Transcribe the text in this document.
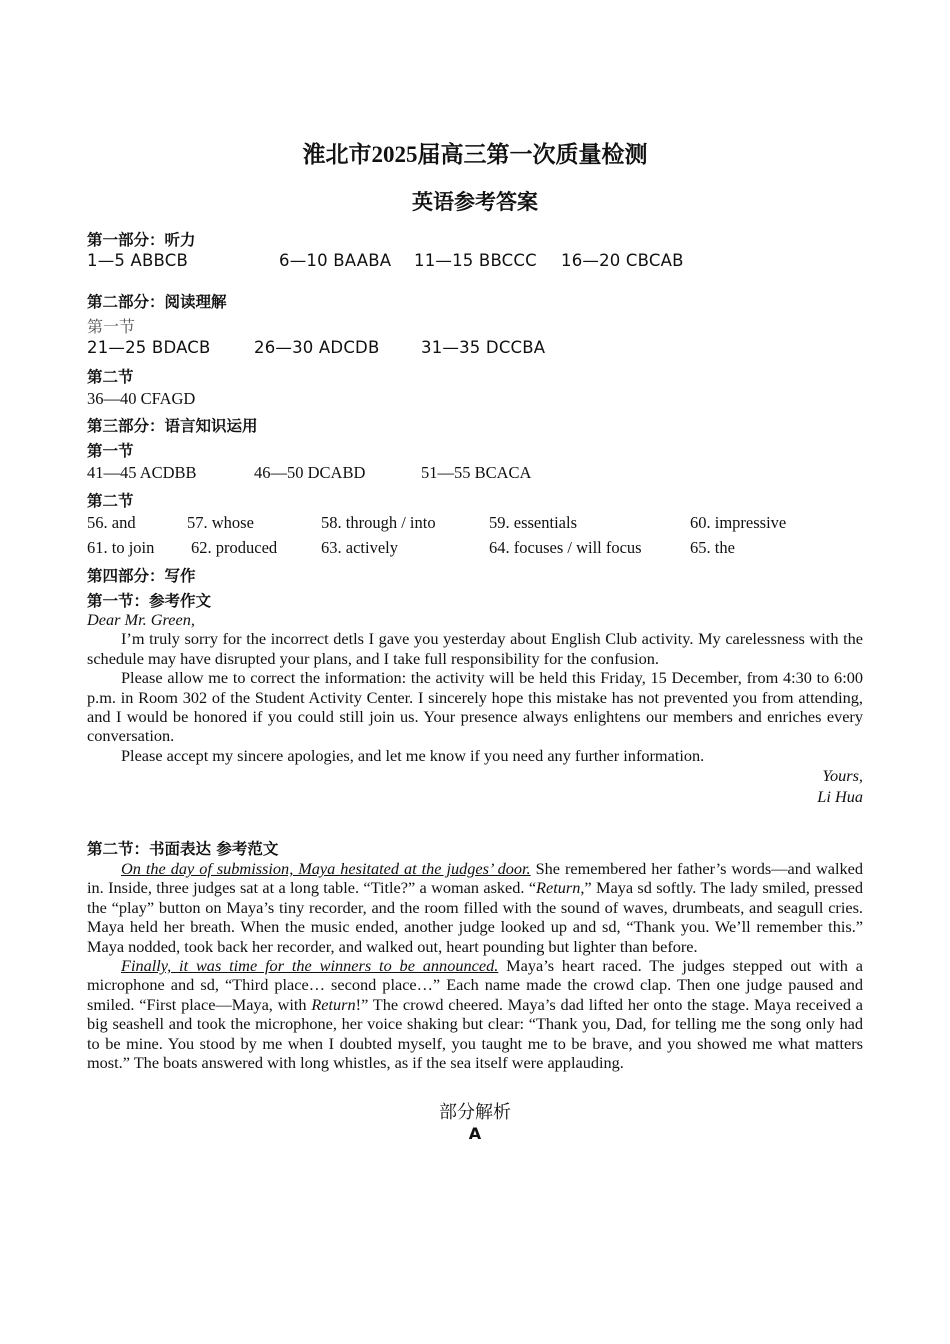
淮北市2025届高三第一次质量检测
英语参考答案
第一部分：听力
1—5 ABBCB	6—10 BAABA 11—15 BBCCC 16—20 CBCAB
第二部分：阅读理解
第一节
21—25 BDACB	26—30 ADCDB	31—35 DCCBA
第二节
36—40 CFAGD
第三部分：语言知识运用
第一节
41—45 ACDBB	46—50 DCABD	51—55 BCACA
第二节
56. and	57. whose	58. through / into	59. essentials	60. impressive
61. to join 62. produced	63. actively	64. focuses / will focus	65. the
第四部分：写作
第一节：参考作文
Dear Mr. Green,
I’m truly sorry for the incorrect detls I gave you yesterday about English Club activity. My carelessness with the schedule may have disrupted your plans, and I take full responsibility for the confusion.
Please allow me to correct the information: the activity will be held this Friday, 15 December, from 4:30 to 6:00 p.m. in Room 302 of the Student Activity Center. I sincerely hope this mistake has not prevented you from attending, and I would be honored if you could still join us. Your presence always enlightens our members and enriches every conversation.
Please accept my sincere apologies, and let me know if you need any further information.
Yours,
Li Hua
第二节：书面表达 参考范文
On the day of submission, Maya hesitated at the judges’ door. She remembered her father’s words—and walked in. Inside, three judges sat at a long table. “Title?” a woman asked. “Return,” Maya sd softly. The lady smiled, pressed the “play” button on Maya’s tiny recorder, and the room filled with the sound of waves, drumbeats, and seagull cries. Maya held her breath. When the music ended, another judge looked up and sd, “Thank you. We’ll remember this.” Maya nodded, took back her recorder, and walked out, heart pounding but lighter than before.
Finally, it was time for the winners to be announced. Maya’s heart raced. The judges stepped out with a microphone and sd, “Third place… second place…” Each name made the crowd clap. Then one judge paused and smiled. “First place—Maya, with Return!” The crowd cheered. Maya’s dad lifted her onto the stage. Maya received a big seashell and took the microphone, her voice shaking but clear: “Thank you, Dad, for telling me the song only had to be mine. You stood by me when I doubted myself, you taught me to be brave, and you showed me what matters most.” The boats answered with long whistles, as if the sea itself were applauding.
部分解析
A
